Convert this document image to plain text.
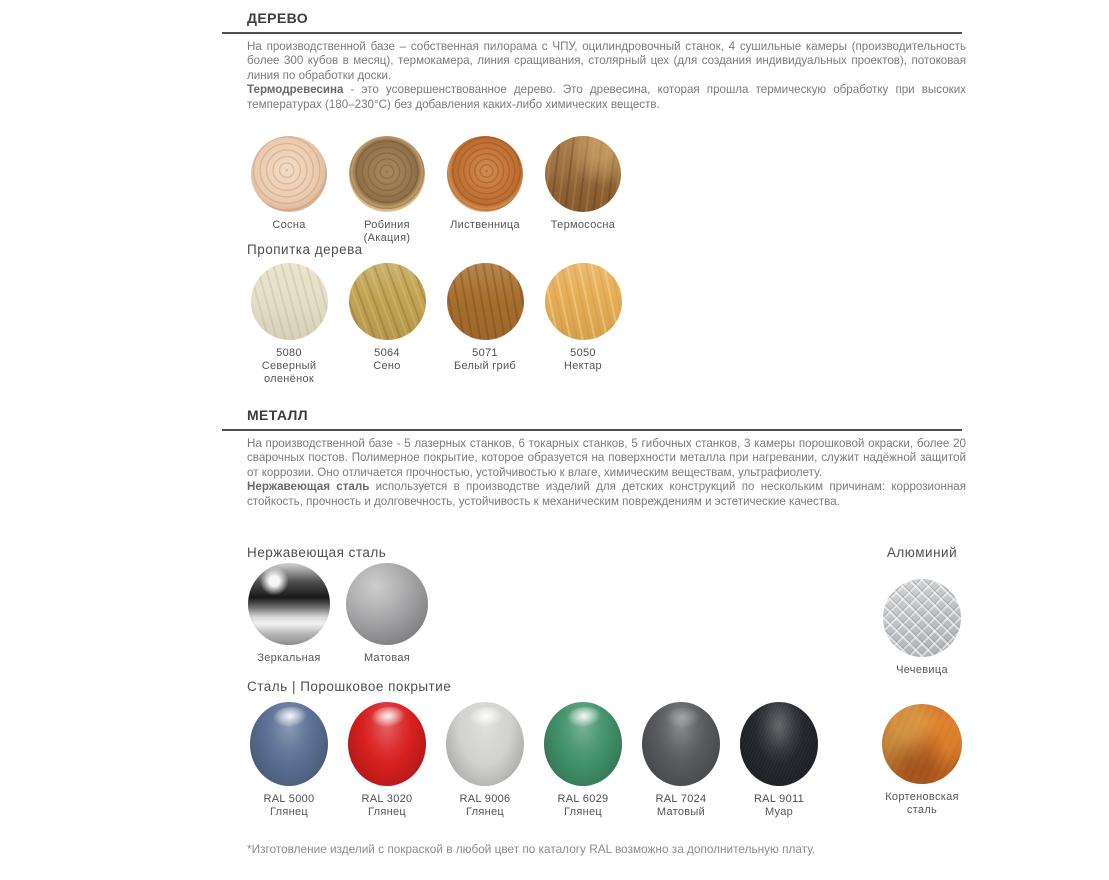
ДЕРЕВО

На производственной базе – собственная пилорама с ЧПУ, оцилиндровочный станок, 4 сушильные камеры (производительность более 300 кубов в месяц), термокамера, линия сращивания, столярный цех (для создания индивидуальных проектов), потоковая линия по обработки доски.

Термодревесина - это усовершенствованное дерево. Это древесина, которая прошла термическую обработку при высоких температурах (180–230°С) без добавления каких-либо химических веществ.

Сосна	Робиния (Акация)
Лиственница	Термососна
Пропитка дерева
5080
Северный оленёнок
5064
Сено
5071
Белый гриб
5050
Нектар
МЕТАЛЛ

На производственной базе - 5 лазерных станков, 6 токарных станков, 5 гибочных станков, 3 камеры порошковой окраски, более 20 сварочных постов. Полимерное покрытие, которое образуется на поверхности металла при нагревании, служит надёжной защитой от коррозии. Оно отличается прочностью, устойчивостью к влаге, химическим веществам, ультрафиолету.

Нержавеющая сталь используется в производстве изделий для детских конструкций по нескольким причинам: коррозионная стойкость, прочность и долговечность, устойчивость к механическим повреждениям и эстетические качества.

Нержавеющая сталь
Зеркальная	Матовая
Алюминий
Чечевица
Сталь | Порошковое покрытие
RAL 5000
Глянец
RAL 3020
Глянец
RAL 9006
Глянец
RAL 6029
Глянец
RAL 7024
Матовый
RAL 9011
Муар
Кортеновская сталь
*Изготовление изделий с покраской в любой цвет по каталогу RAL возможно за дополнительную плату.
